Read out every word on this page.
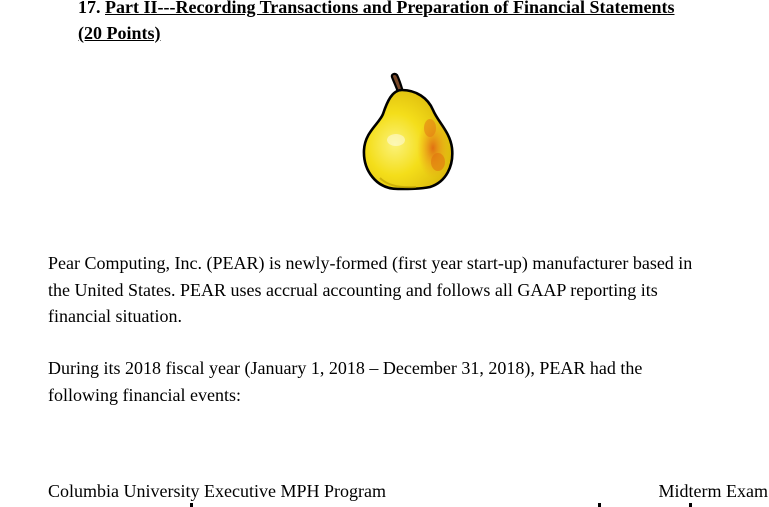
17. Part II---Recording Transactions and Preparation of Financial Statements
(20 Points)
Pear Computing, Inc. (PEAR) is newly-formed (first year start-up) manufacturer based in
the United States. PEAR uses accrual accounting and follows all GAAP reporting its
financial situation.
During its 2018 fiscal year (January 1, 2018 – December 31, 2018), PEAR had the
following financial events:
Columbia University Executive MPH Program	Midterm Exam
